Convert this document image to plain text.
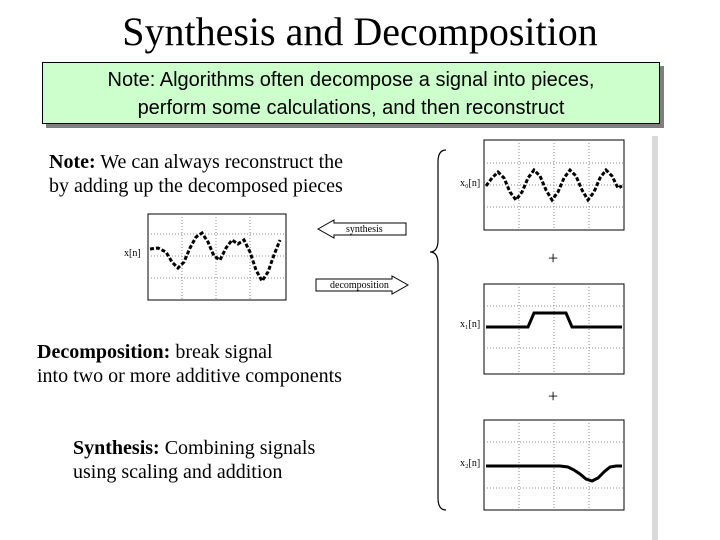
Synthesis and Decomposition
Note: Algorithms often decompose a signal into pieces,
perform some calculations, and then reconstruct
Note: We can always reconstruct the
by adding up the decomposed pieces
Decomposition: break signal
into two or more additive components
Synthesis: Combining signals
using scaling and addition
x[n]
synthesis
decomposition
x₀[n]
+
x₁[n]
+
x₂[n]
